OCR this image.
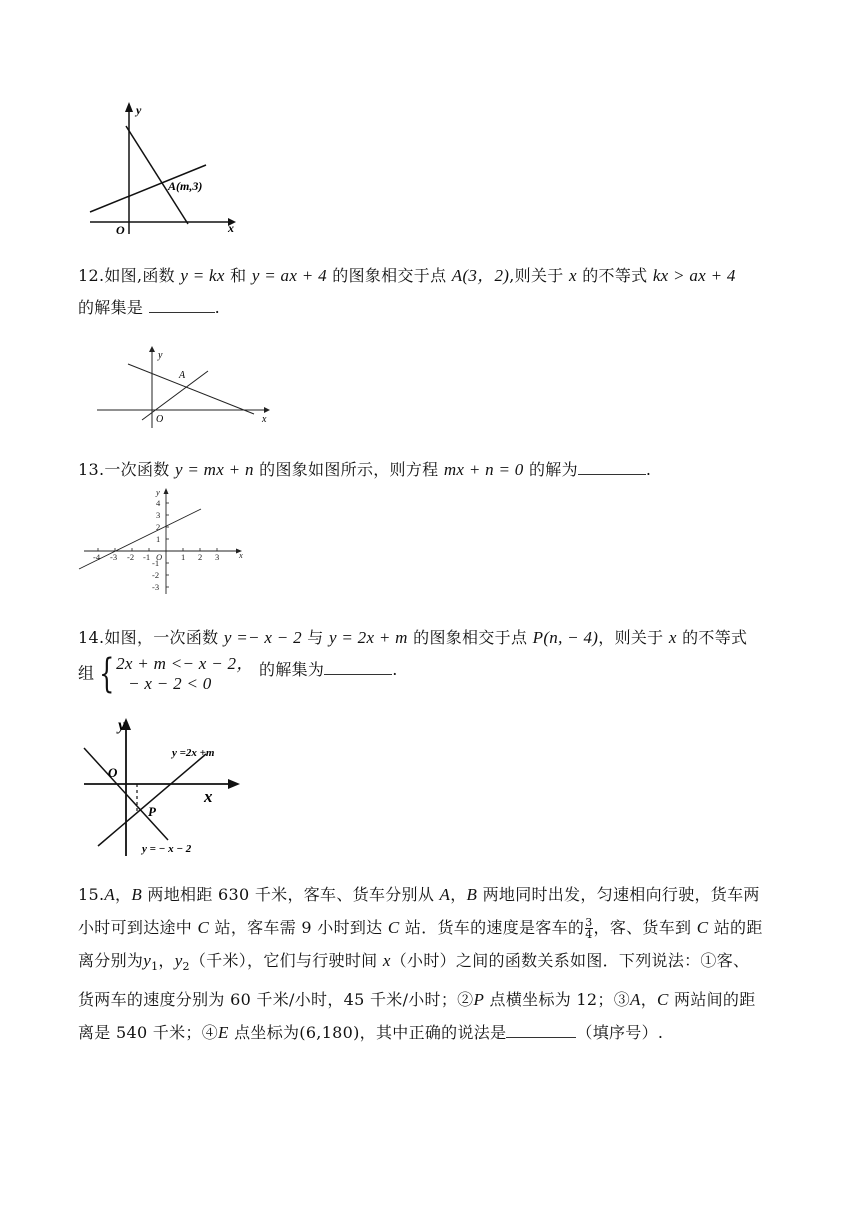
y
x
O
A(m,3)
12.如图,函数 y = kx 和 y = ax + 4 的图象相交于点 A(3，2),则关于 x 的不等式 kx > ax + 4
的解集是	.
y
x
O
A
13.一次函数 y = mx + n 的图象如图所示，则方程 mx + n = 0 的解为	.
-4 -3 -2 -1	1 2 3
4
3
2
1
-1
-2
-3
O
y
x
14.如图，一次函数 y =− x − 2 与 y = 2x + m 的图象相交于点 P(n, − 4)，则关于 x 的不等式
组 { 2x + m <− x − 2，
− x − 2 < 0
的解集为	.
y
x
O
P
y =2x +m
y = − x − 2
15.A，B 两地相距 630 千米，客车、货车分别从 A，B 两地同时出发，匀速相向行驶，货车两
小时可到达途中 C 站，客车需 9 小时到达 C 站．货车的速度是客车的 $\frac{3}{4}$ ，客、货车到 C 站的距
离分别为$y_1$，$y_2$（千米），它们与行驶时间 x（小时）之间的函数关系如图．下列说法：①客、
货两车的速度分别为 60 千米/小时，45 千米/小时；②P 点横坐标为 12；③A，C 两站间的距
离是 540 千米；④E 点坐标为(6,180)，其中正确的说法是	（填序号）.
